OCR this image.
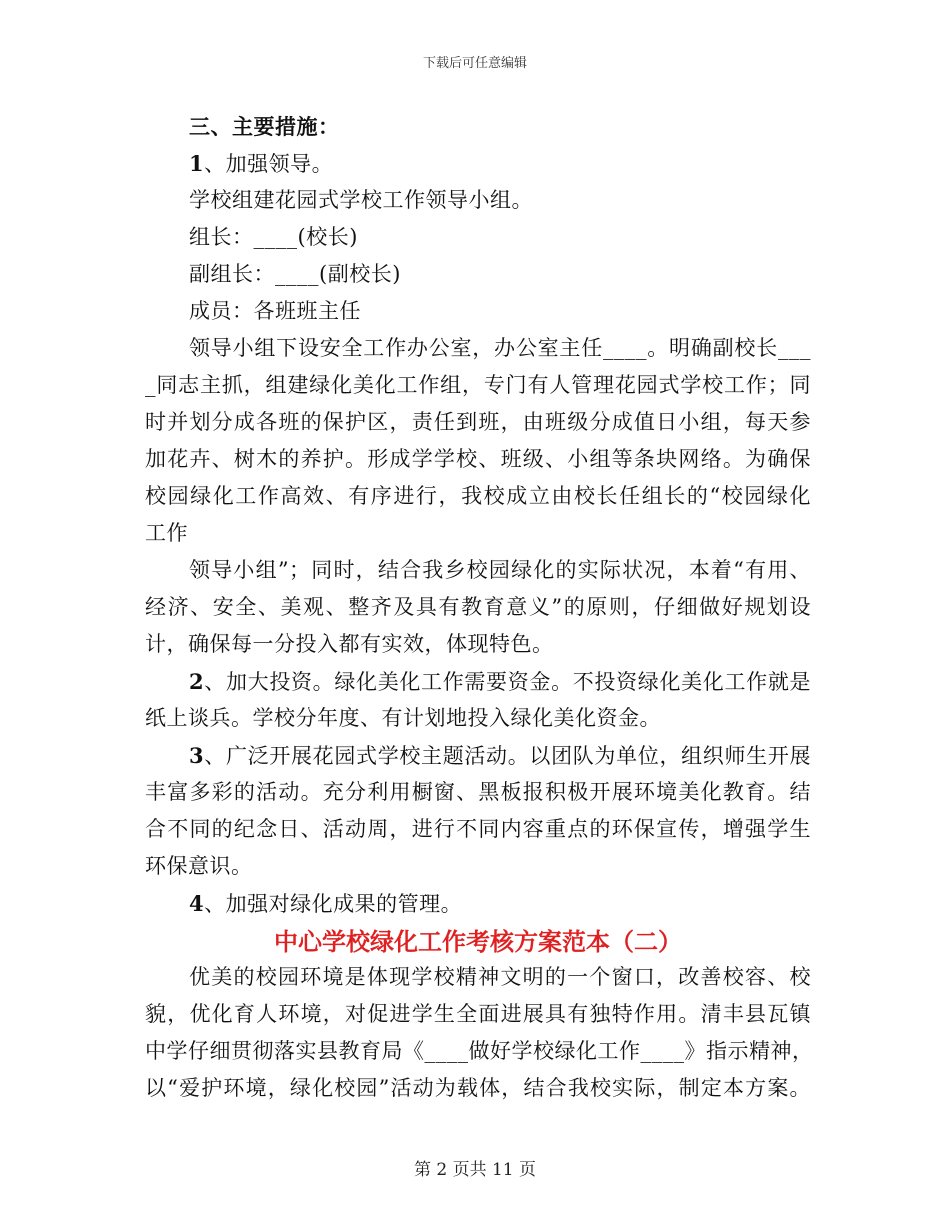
下载后可任意编辑
三、主要措施：
1、加强领导。
学校组建花园式学校工作领导小组。
组长：____(校长)
副组长：____(副校长)
成员：各班班主任
领导小组下设安全工作办公室，办公室主任____。明确副校长___
_同志主抓，组建绿化美化工作组，专门有人管理花园式学校工作；同
时并划分成各班的保护区，责任到班，由班级分成值日小组，每天参
加花卉、树木的养护。形成学学校、班级、小组等条块网络。为确保
校园绿化工作高效、有序进行，我校成立由校长任组长的“校园绿化
工作
领导小组”；同时，结合我乡校园绿化的实际状况，本着“有用、
经济、安全、美观、整齐及具有教育意义”的原则，仔细做好规划设
计，确保每一分投入都有实效，体现特色。
2、加大投资。绿化美化工作需要资金。不投资绿化美化工作就是
纸上谈兵。学校分年度、有计划地投入绿化美化资金。
3、广泛开展花园式学校主题活动。以团队为单位，组织师生开展
丰富多彩的活动。充分利用橱窗、黑板报积极开展环境美化教育。结
合不同的纪念日、活动周，进行不同内容重点的环保宣传，增强学生
环保意识。
4、加强对绿化成果的管理。
中心学校绿化工作考核方案范本（二）
优美的校园环境是体现学校精神文明的一个窗口，改善校容、校
貌，优化育人环境，对促进学生全面进展具有独特作用。清丰县瓦镇
中学仔细贯彻落实县教育局《____做好学校绿化工作____》指示精神，
以“爱护环境，绿化校园”活动为载体，结合我校实际，制定本方案。
第 2 页共 11 页
